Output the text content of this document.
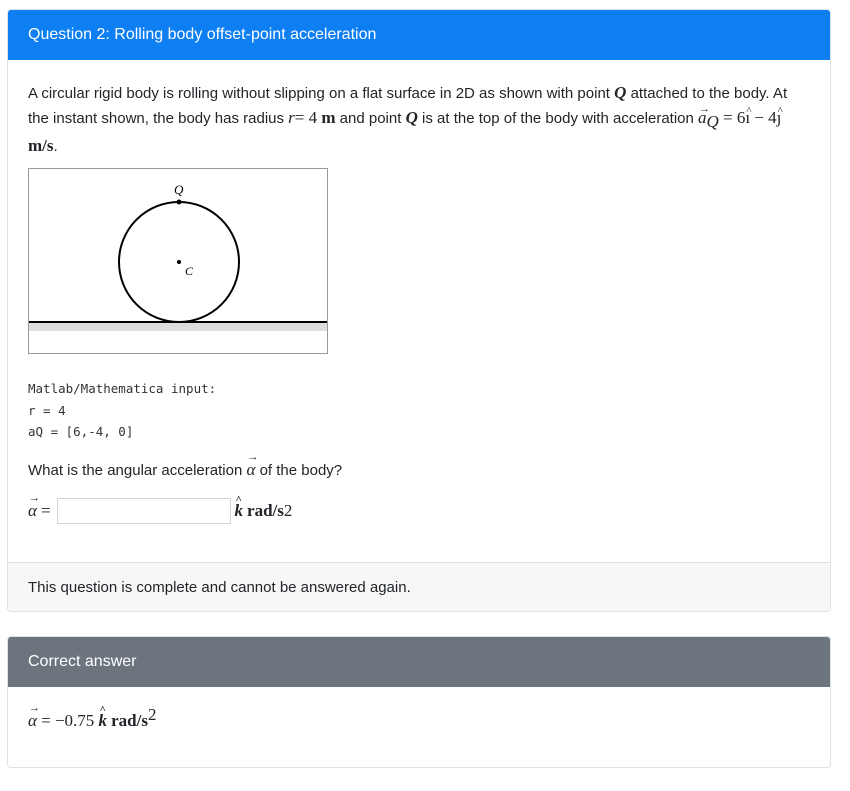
Question 2: Rolling body offset-point acceleration
A circular rigid body is rolling without slipping on a flat surface in 2D as shown with point Q attached to the body. At the instant shown, the body has radius r= 4 m and point Q is at the top of the body with acceleration → $a_Q$ = 6^ ı − 4^ ȷ m/s.
Q
C
Matlab/Mathematica input:
r = 4
aQ = [6,-4, 0]
What is the angular acceleration → α of the body?
→ α =	^ k rad/s 2
This question is complete and cannot be answered again.
Correct answer
→ α = −0.75 ^ k rad/$s^2$
